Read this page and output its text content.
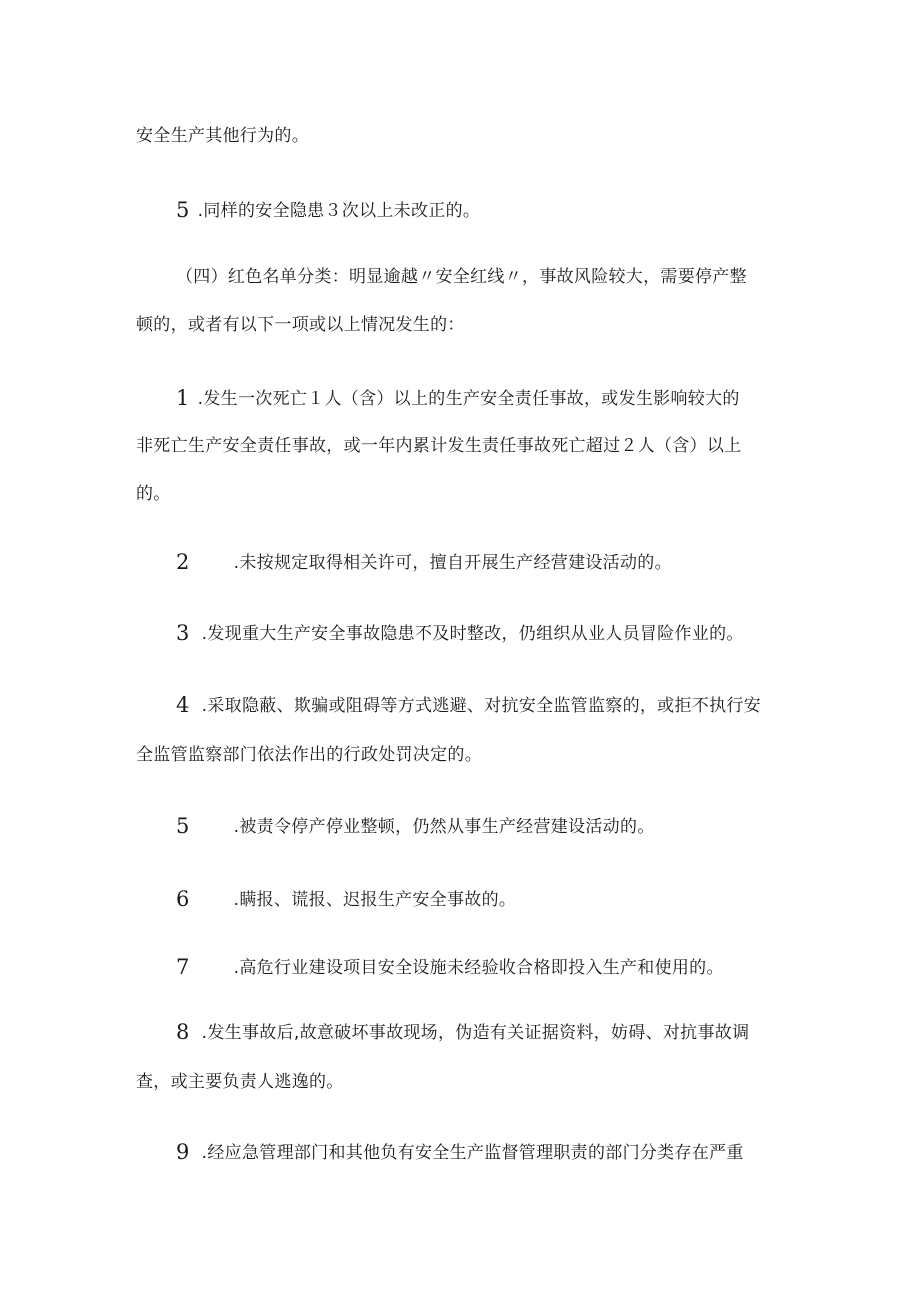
安全生产其他行为的。
5 .同样的安全隐患３次以上未改正的。
（四）红色名单分类：明显逾越〃安全红线〃，事故风险较大，需要停产整
顿的，或者有以下一项或以上情况发生的：
1 .发生一次死亡１人（含）以上的生产安全责任事故，或发生影响较大的
非死亡生产安全责任事故，或一年内累计发生责任事故死亡超过２人（含）以上
的。
2	.未按规定取得相关许可，擅自开展生产经营建设活动的。
3 .发现重大生产安全事故隐患不及时整改，仍组织从业人员冒险作业的。
4 .采取隐蔽、欺骗或阻碍等方式逃避、对抗安全监管监察的，或拒不执行安
全监管监察部门依法作出的行政处罚决定的。
5	.被责令停产停业整顿，仍然从事生产经营建设活动的。
6	.瞒报、谎报、迟报生产安全事故的。
7	.高危行业建设项目安全设施未经验收合格即投入生产和使用的。
8 .发生事故后,故意破坏事故现场，伪造有关证据资料，妨碍、对抗事故调
查，或主要负责人逃逸的。
9 .经应急管理部门和其他负有安全生产监督管理职责的部门分类存在严重
